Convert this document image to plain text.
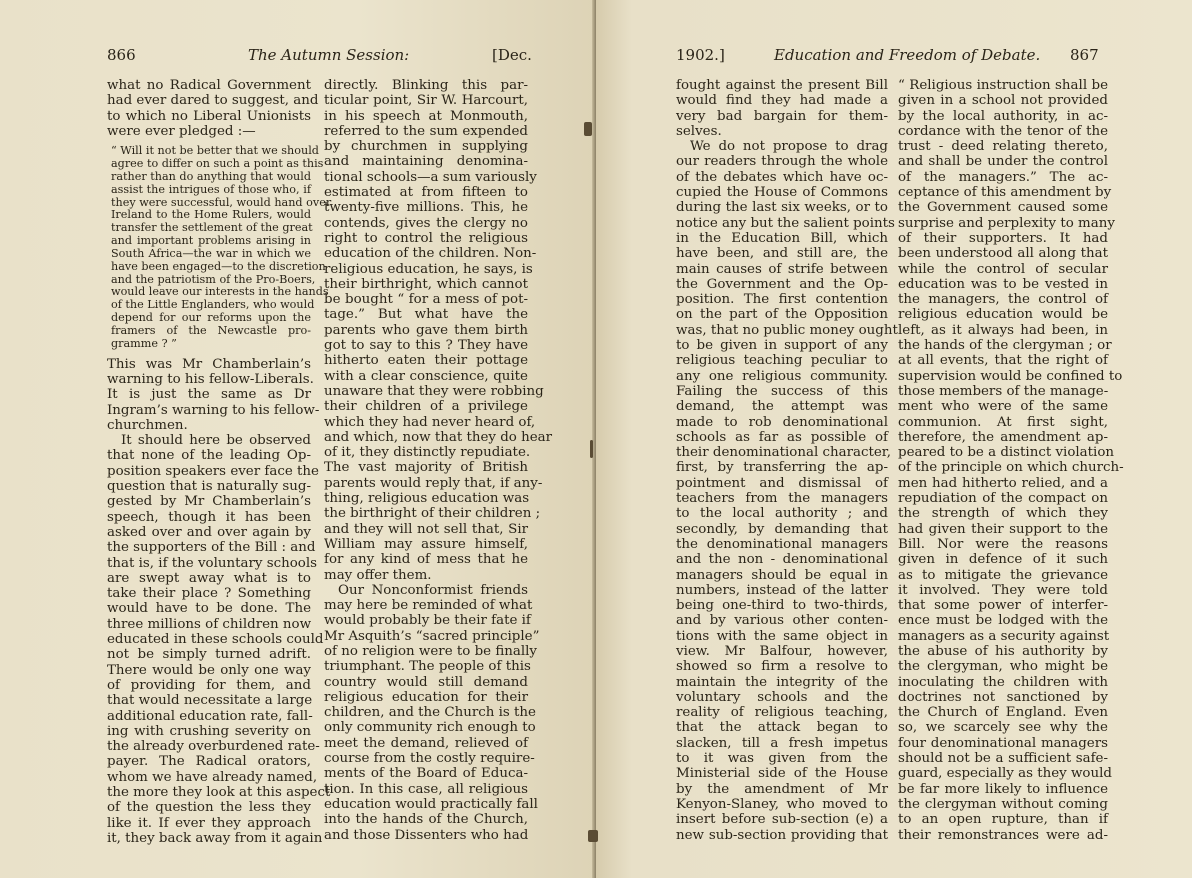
866	The Autumn Session:	[Dec.
what no Radical Government
had ever dared to suggest, and
to which no Liberal Unionists
were ever pledged :—
“ Will it not be better that we should
agree to differ on such a point as this
rather than do anything that would
assist the intrigues of those who, if
they were successful, would hand over
Ireland to the Home Rulers, would
transfer the settlement of the great
and important problems arising in
South Africa—the war in which we
have been engaged—to the discretion
and the patriotism of the Pro-Boers,
would leave our interests in the hands
of the Little Englanders, who would
depend for our reforms upon the
framers of the Newcastle pro-
gramme ? ”
This was Mr Chamberlain’s
warning to his fellow-Liberals.
It is just the same as Dr
Ingram’s warning to his fellow-
churchmen.
It should here be observed
that none of the leading Op-
position speakers ever face the
question that is naturally sug-
gested by Mr Chamberlain’s
speech, though it has been
asked over and over again by
the supporters of the Bill : and
that is, if the voluntary schools
are swept away what is to
take their place ? Something
would have to be done. The
three millions of children now
educated in these schools could
not be simply turned adrift.
There would be only one way
of providing for them, and
that would necessitate a large
additional education rate, fall-
ing with crushing severity on
the already overburdened rate-
payer. The Radical orators,
whom we have already named,
the more they look at this aspect
of the question the less they
like it. If ever they approach
it, they back away from it again
directly. Blinking this par-
ticular point, Sir W. Harcourt,
in his speech at Monmouth,
referred to the sum expended
by churchmen in supplying
and maintaining denomina-
tional schools—a sum variously
estimated at from fifteen to
twenty-five millions. This, he
contends, gives the clergy no
right to control the religious
education of the children. Non-
religious education, he says, is
their birthright, which cannot
be bought “ for a mess of pot-
tage.” But what have the
parents who gave them birth
got to say to this ? They have
hitherto eaten their pottage
with a clear conscience, quite
unaware that they were robbing
their children of a privilege
which they had never heard of,
and which, now that they do hear
of it, they distinctly repudiate.
The vast majority of British
parents would reply that, if any-
thing, religious education was
the birthright of their children ;
and they will not sell that, Sir
William may assure himself,
for any kind of mess that he
may offer them.
Our Nonconformist friends
may here be reminded of what
would probably be their fate if
Mr Asquith’s “sacred principle”
of no religion were to be finally
triumphant. The people of this
country would still demand
religious education for their
children, and the Church is the
only community rich enough to
meet the demand, relieved of
course from the costly require-
ments of the Board of Educa-
tion. In this case, all religious
education would practically fall
into the hands of the Church,
and those Dissenters who had
1902.]	Education and Freedom of Debate. 867
fought against the present Bill
would find they had made a
very bad bargain for them-
selves.
We do not propose to drag
our readers through the whole
of the debates which have oc-
cupied the House of Commons
during the last six weeks, or to
notice any but the salient points
in the Education Bill, which
have been, and still are, the
main causes of strife between
the Government and the Op-
position. The first contention
on the part of the Opposition
was, that no public money ought
to be given in support of any
religious teaching peculiar to
any one religious community.
Failing the success of this
demand, the attempt was
made to rob denominational
schools as far as possible of
their denominational character,
first, by transferring the ap-
pointment and dismissal of
teachers from the managers
to the local authority ; and
secondly, by demanding that
the denominational managers
and the non - denominational
managers should be equal in
numbers, instead of the latter
being one-third to two-thirds,
and by various other conten-
tions with the same object in
view. Mr Balfour, however,
showed so firm a resolve to
maintain the integrity of the
voluntary schools and the
reality of religious teaching,
that the attack began to
slacken, till a fresh impetus
to it was given from the
Ministerial side of the House
by the amendment of Mr
Kenyon-Slaney, who moved to
insert before sub-section (e) a
new sub-section providing that
“ Religious instruction shall be
given in a school not provided
by the local authority, in ac-
cordance with the tenor of the
trust - deed relating thereto,
and shall be under the control
of the managers.” The ac-
ceptance of this amendment by
the Government caused some
surprise and perplexity to many
of their supporters. It had
been understood all along that
while the control of secular
education was to be vested in
the managers, the control of
religious education would be
left, as it always had been, in
the hands of the clergyman ; or
at all events, that the right of
supervision would be confined to
those members of the manage-
ment who were of the same
communion. At first sight,
therefore, the amendment ap-
peared to be a distinct violation
of the principle on which church-
men had hitherto relied, and a
repudiation of the compact on
the strength of which they
had given their support to the
Bill. Nor were the reasons
given in defence of it such
as to mitigate the grievance
it involved. They were told
that some power of interfer-
ence must be lodged with the
managers as a security against
the abuse of his authority by
the clergyman, who might be
inoculating the children with
doctrines not sanctioned by
the Church of England. Even
so, we scarcely see why the
four denominational managers
should not be a sufficient safe-
guard, especially as they would
be far more likely to influence
the clergyman without coming
to an open rupture, than if
their remonstrances were ad-
